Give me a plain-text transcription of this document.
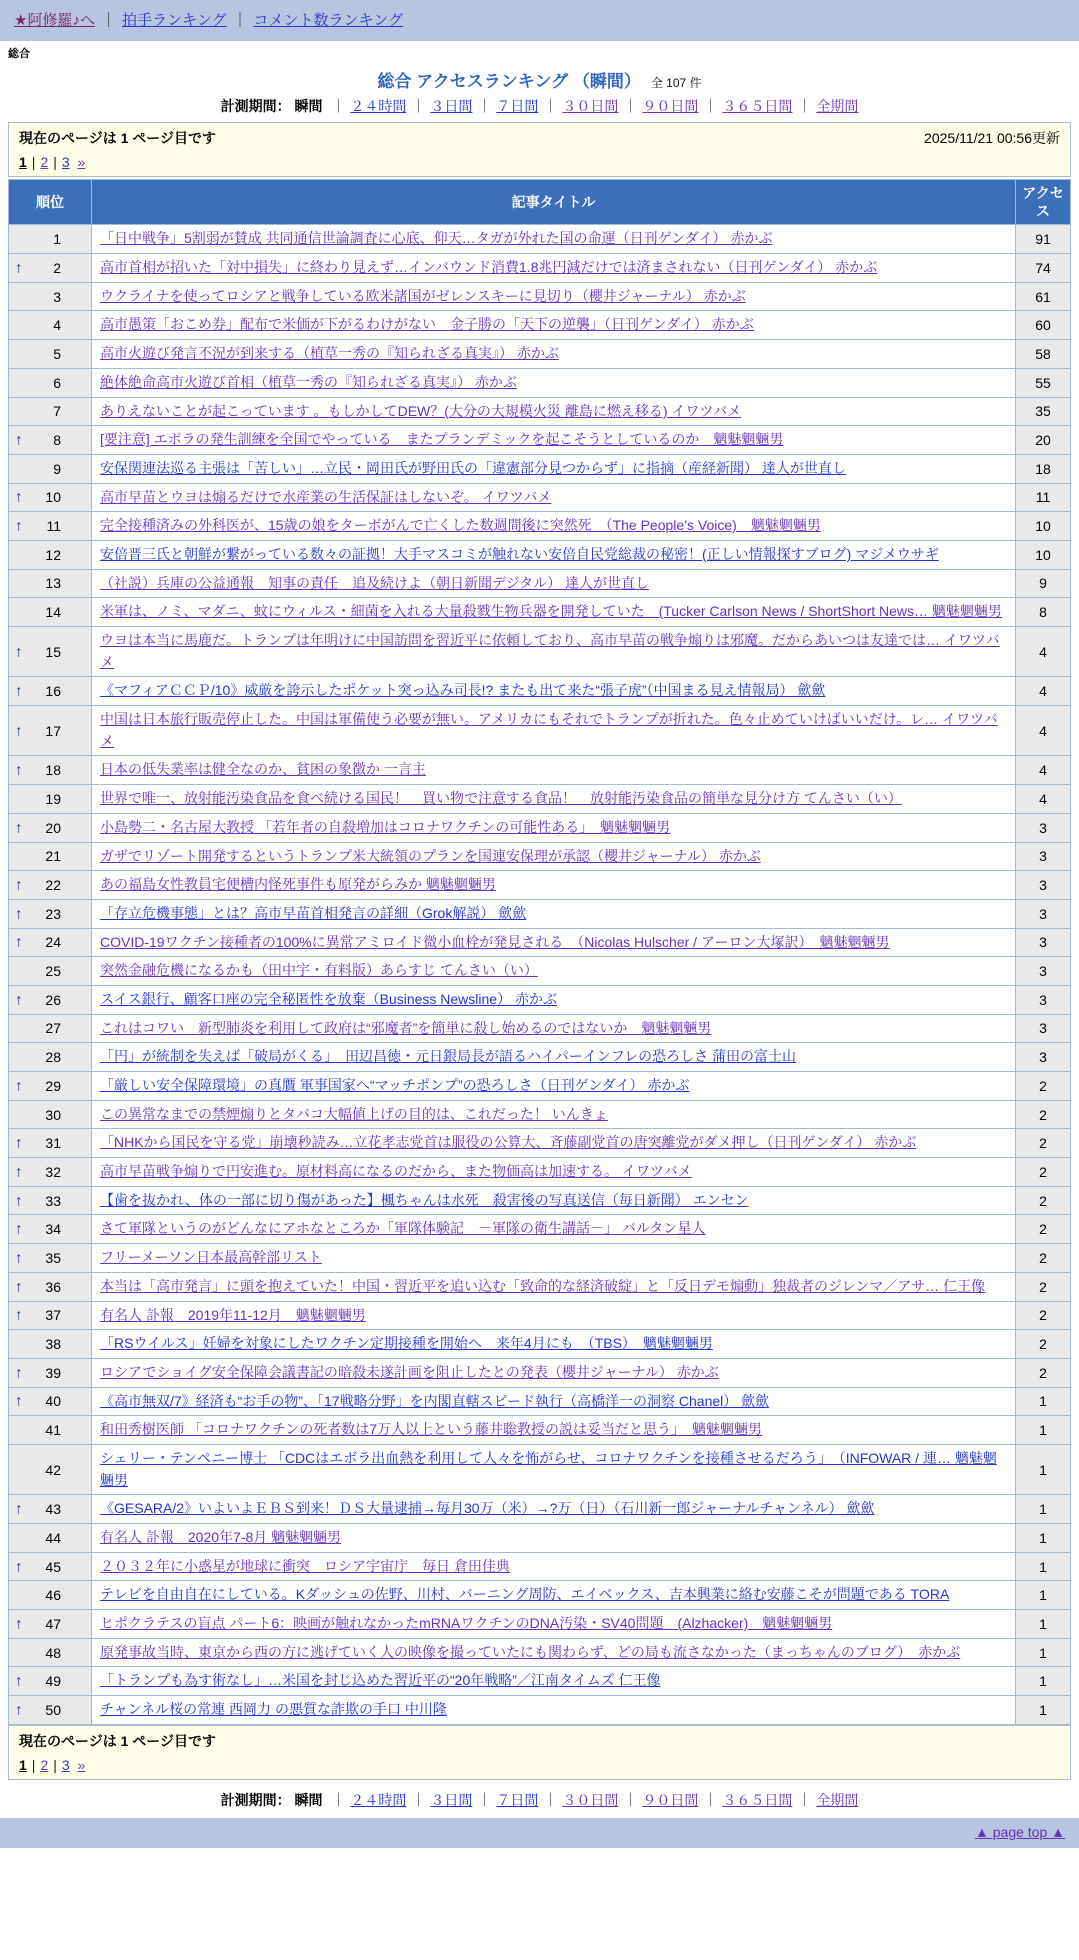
★阿修羅♪へ ｜ 拍手ランキング ｜ コメント数ランキング
総合
総合 アクセスランキング （瞬間） 全 107 件
計測期間： 瞬間 ｜ ２４時間 ｜ ３日間 ｜ ７日間 ｜ ３０日間 ｜ ９０日間 ｜ ３６５日間 ｜ 全期間
現在のページは 1 ページ目です	2025/11/21 00:56更新
1 | 2 | 3 »
順位	記事タイトル	アクセス
1	「日中戦争」5割弱が賛成 共同通信世論調査に心底、仰天…タガが外れた国の命運（日刊ゲンダイ） 赤かぶ	91

↑ 2	高市首相が招いた「対中損失」に終わり見えず…インバウンド消費1.8兆円減だけでは済まされない（日刊ゲンダイ） 赤かぶ	74
3	ウクライナを使ってロシアと戦争している欧米諸国がゼレンスキーに見切り（櫻井ジャーナル） 赤かぶ	61
4	高市愚策「おこめ券」配布で米価が下がるわけがない　金子勝の「天下の逆襲」（日刊ゲンダイ） 赤かぶ	60
5	高市火遊び発言不況が到来する（植草一秀の『知られざる真実』） 赤かぶ	58
6	絶体絶命高市火遊び首相（植草一秀の『知られざる真実』） 赤かぶ	55
7	ありえないことが起こっています 。もしかしてDEW？(大分の大規模火災 離島に燃え移る) イワツバメ	35

↑ 8	[要注意] エボラの発生訓練を全国でやっている　またプランデミックを起こそうとしているのか　魑魅魍魎男	20
9	安保関連法巡る主張は「苦しい」…立民・岡田氏が野田氏の「違憲部分見つからず」に指摘（産経新聞） 達人が世直し	18

↑ 10	高市早苗とウヨは煽るだけで水産業の生活保証はしないぞ。 イワツバメ	11

↑ 11	完全接種済みの外科医が、15歳の娘をターボがんで亡くした数週間後に突然死　（The People’s Voice)　魑魅魍魎男	10
12	安倍晋三氏と朝鮮が繋がっている数々の証拠！大手マスコミが触れない安倍自民党総裁の秘密！(正しい情報探すブログ) マジメウサギ	10
13	（社説）兵庫の公益通報　知事の責任　追及続けよ（朝日新聞デジタル） 達人が世直し	9
14	米軍は、ノミ、マダニ、蚊にウィルス・細菌を入れる大量殺戮生物兵器を開発していた　(Tucker Carlson News / ShortShort News… 魑魅魍魎男	8

↑ 15	ウヨは本当に馬鹿だ。トランプは年明けに中国訪問を習近平に依頼しており、高市早苗の戦争煽りは邪魔。だからあいつは友達では… イワツバメ	4

↑ 16	《マフィアＣＣＰ/10》威厳を誇示したポケット突っ込み司長!? またも出て来た“張子虎”（中国まる見え情報局） 歛歛	4

↑ 17	中国は日本旅行販売停止した。中国は軍備使う必要が無い。アメリカにもそれでトランプが折れた。色々止めていけばいいだけ。レ… イワツバメ	4

↑ 18	日本の低失業率は健全なのか、貧困の象徴か 一言主	4
19	世界で唯一、放射能汚染食品を食べ続ける国民！　買い物で注意する食品！　放射能汚染食品の簡単な見分け方 てんさい（い）	4

↑ 20	小島勢二・名古屋大教授 「若年者の自殺増加はコロナワクチンの可能性ある」　魑魅魍魎男	3
21	ガザでリゾート開発するというトランプ米大統領のプランを国連安保理が承認（櫻井ジャーナル） 赤かぶ	3

↑ 22	あの福島女性教員宅便槽内怪死事件も原発がらみか 魑魅魍魎男	3

↑ 23	「存立危機事態」とは？高市早苗首相発言の詳細（Grok解説） 歛歛	3

↑ 24	COVID-19ワクチン接種者の100%に異常アミロイド微小血栓が発見される　（Nicolas Hulscher / アーロン大塚訳）　魑魅魍魎男	3
25	突然金融危機になるかも（田中宇・有料版）あらすじ てんさい（い）	3

↑ 26	スイス銀行、顧客口座の完全秘匿性を放棄（Business Newsline） 赤かぶ	3
27	これはコワい　新型肺炎を利用して政府は“邪魔者”を簡単に殺し始めるのではないか　魑魅魍魎男	3
28	「円」が統制を失えば「破局がくる」　田辺昌徳・元日銀局長が語るハイパーインフレの恐ろしさ 蒲田の富士山	3

↑ 29	「厳しい安全保障環境」の真贋 軍事国家へ“マッチポンプ”の恐ろしさ（日刊ゲンダイ） 赤かぶ	2
30	この異常なまでの禁煙煽りとタバコ大幅値上げの目的は、これだった！ いんきょ	2

↑ 31	「NHKから国民を守る党」崩壊秒読み…立花孝志党首は服役の公算大、斉藤副党首の唐突離党がダメ押し（日刊ゲンダイ） 赤かぶ	2

↑ 32	高市早苗戦争煽りで円安進む。原材料高になるのだから、また物価高は加速する。 イワツバメ	2

↑ 33	【歯を抜かれ、体の一部に切り傷があった】楓ちゃんは水死　殺害後の写真送信（毎日新聞） エンセン	2

↑ 34	さて軍隊というのがどんなにアホなところか「軍隊体験記　－軍隊の衛生講話－」 バルタン星人	2

↑ 35	フリーメーソン日本最高幹部リスト	2

↑ 36	本当は「高市発言」に頭を抱えていた！中国・習近平を追い込む「致命的な経済破綻」と「反日デモ煽動」独裁者のジレンマ／アサ… 仁王像	2

↑ 37	有名人 訃報　2019年11-12月　魑魅魍魎男	2
38	「RSウイルス」妊婦を対象にしたワクチン定期接種を開始へ　来年4月にも　（TBS）　魑魅魍魎男	2

↑ 39	ロシアでショイグ安全保障会議書記の暗殺未遂計画を阻止したとの発表（櫻井ジャーナル） 赤かぶ	2

↑ 40	《高市無双/7》経済も“お手の物”、「17戦略分野」を内閣直轄スピード執行（高橋洋一の洞察 Chanel） 歛歛	1
41	和田秀樹医師 「コロナワクチンの死者数は7万人以上という藤井聡教授の説は妥当だと思う」　魑魅魍魎男	1
42	シェリー・テンペニー博士 「CDCはエボラ出血熱を利用して人々を怖がらせ、コロナワクチンを接種させるだろう」　（INFOWAR / 連… 魑魅魍魎男	1

↑ 43	《GESARA/2》いよいよＥＢＳ到来！ＤＳ大量逮捕→毎月30万（米）→?万（日）（石川新一郎ジャーナルチャンネル） 歛歛	1
44	有名人 訃報　2020年7-8月 魑魅魍魎男	1

↑ 45	２０３２年に小惑星が地球に衝突　ロシア宇宙庁　毎日 倉田佳典	1
46	テレビを自由自在にしている。Kダッシュの佐野、川村、バーニング周防、エイベックス、吉本興業に絡む安藤こそが問題である TORA	1

↑ 47	ヒポクラテスの盲点 パート6：映画が触れなかったmRNAワクチンのDNA汚染・SV40問題　(Alzhacker)　魑魅魍魎男	1
48	原発事故当時、東京から西の方に逃げていく人の映像を撮っていたにも関わらず、どの局も流さなかった（まっちゃんのブログ）　赤かぶ	1

↑ 49	「トランプも為す術なし」…米国を封じ込めた習近平の“20年戦略”／江南タイムズ 仁王像	1

↑ 50	チャンネル桜の常連 西岡力 の悪質な詐欺の手口 中川隆	1
現在のページは 1 ページ目です
1 | 2 | 3 »
計測期間： 瞬間 ｜ ２４時間 ｜ ３日間 ｜ ７日間 ｜ ３０日間 ｜ ９０日間 ｜ ３６５日間 ｜ 全期間
▲ page top ▲
